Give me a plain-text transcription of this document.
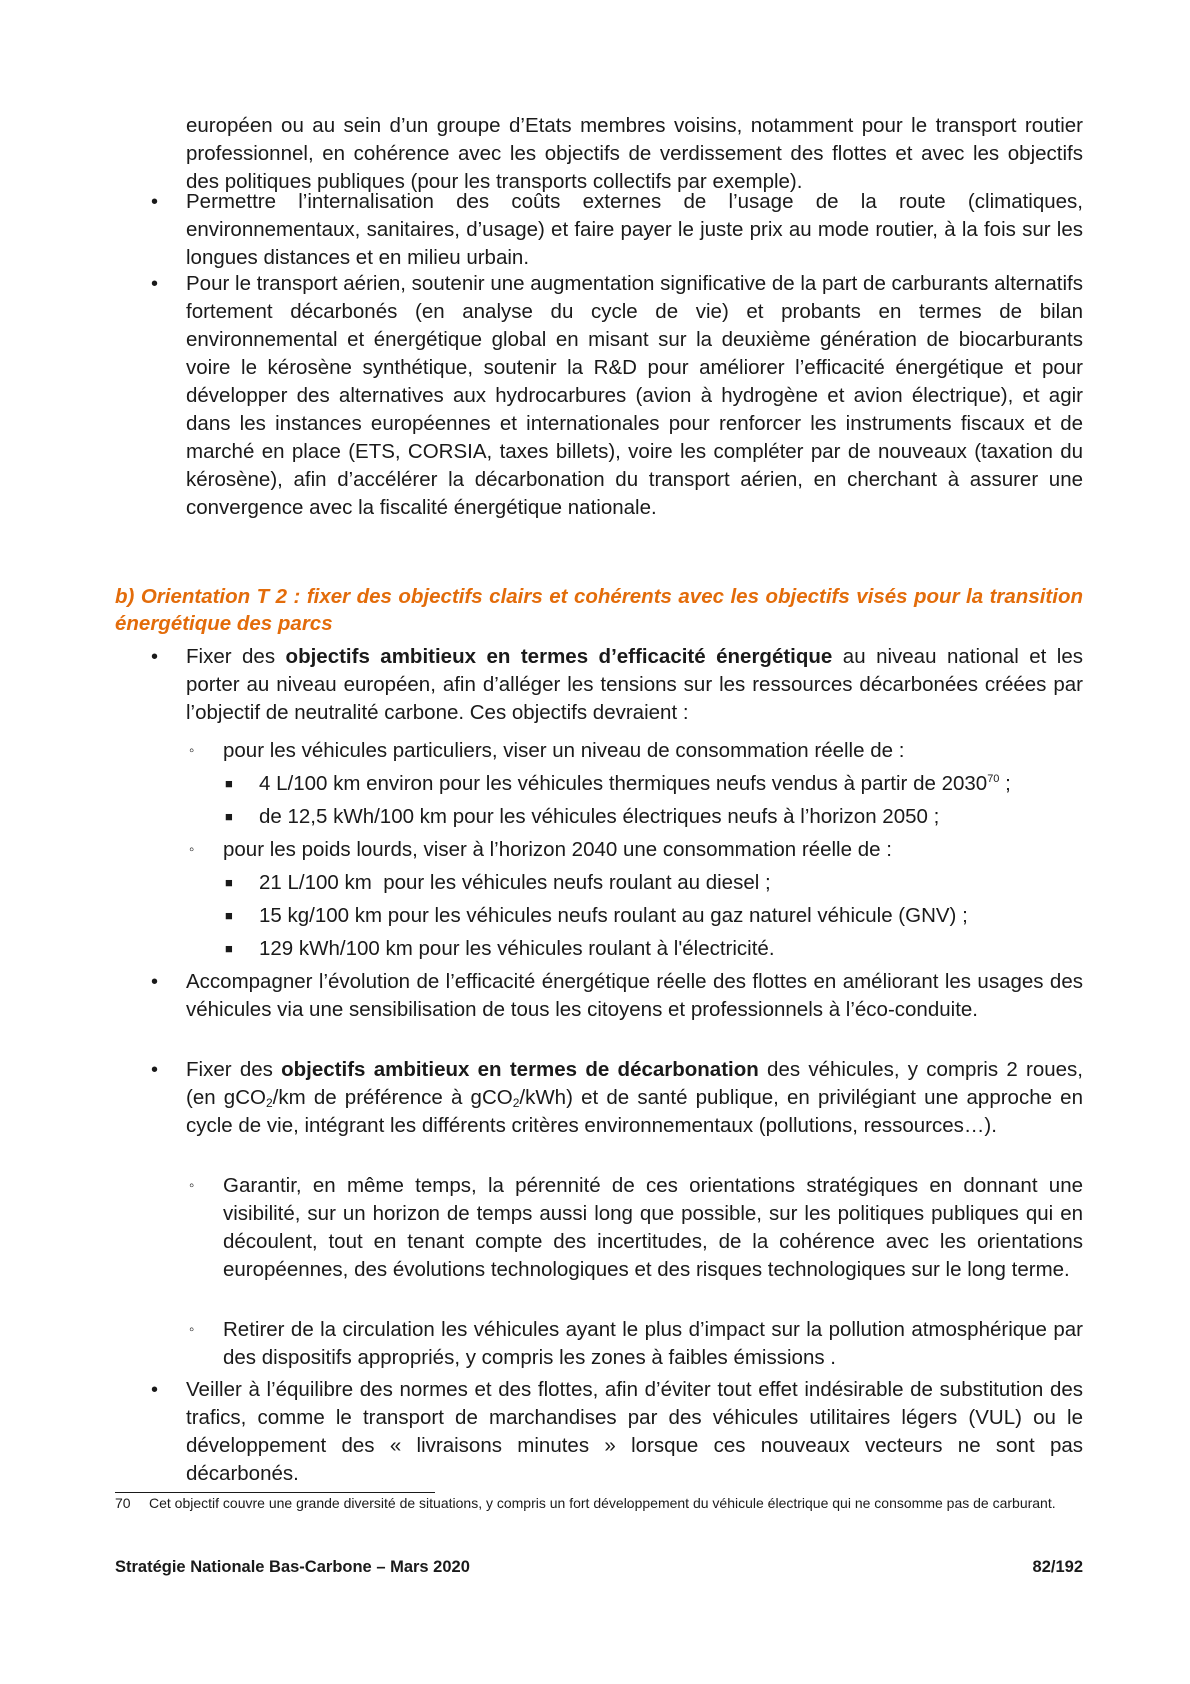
européen ou au sein d’un groupe d’Etats membres voisins, notamment pour le transport routier professionnel, en cohérence avec les objectifs de verdissement des flottes et avec les objectifs des politiques publiques (pour les transports collectifs par exemple).

• Permettre l’internalisation des coûts externes de l’usage de la route (climatiques, environnementaux, sanitaires, d’usage) et faire payer le juste prix au mode routier, à la fois sur les longues distances et en milieu urbain.

• Pour le transport aérien, soutenir une augmentation significative de la part de carburants alternatifs fortement décarbonés (en analyse du cycle de vie) et probants en termes de bilan environnemental et énergétique global en misant sur la deuxième génération de biocarburants voire le kérosène synthétique, soutenir la R&D pour améliorer l’efficacité énergétique et pour développer des alternatives aux hydrocarbures (avion à hydrogène et avion électrique), et agir dans les instances européennes et internationales pour renforcer les instruments fiscaux et de marché en place (ETS, CORSIA, taxes billets), voire les compléter par de nouveaux (taxation du kérosène), afin d’accélérer la décarbonation du transport aérien, en cherchant à assurer une convergence avec la fiscalité énergétique nationale.

b) Orientation T 2 : fixer des objectifs clairs et cohérents avec les objectifs visés pour la transition énergétique des parcs

• Fixer des objectifs ambitieux en termes d’efficacité énergétique au niveau national et les porter au niveau européen, afin d’alléger les tensions sur les ressources décarbonées créées par l’objectif de neutralité carbone. Ces objectifs devraient :

◦ pour les véhicules particuliers, viser un niveau de consommation réelle de :

■ 4 L/100 km environ pour les véhicules thermiques neufs vendus à partir de 2030$^{70}$ ;

■ de 12,5 kWh/100 km pour les véhicules électriques neufs à l’horizon 2050 ;

◦ pour les poids lourds, viser à l’horizon 2040 une consommation réelle de :

■ 21 L/100 km  pour les véhicules neufs roulant au diesel ;

■ 15 kg/100 km pour les véhicules neufs roulant au gaz naturel véhicule (GNV) ;

■ 129 kWh/100 km pour les véhicules roulant à l'électricité.

• Accompagner l’évolution de l’efficacité énergétique réelle des flottes en améliorant les usages des véhicules via une sensibilisation de tous les citoyens et professionnels à l’éco-conduite.

• Fixer des objectifs ambitieux en termes de décarbonation des véhicules, y compris 2 roues, (en gCO$_2$/km de préférence à gCO$_2$/kWh) et de santé publique, en privilégiant une approche en cycle de vie, intégrant les différents critères environnementaux (pollutions, ressources…).

◦ Garantir, en même temps, la pérennité de ces orientations stratégiques en donnant une visibilité, sur un horizon de temps aussi long que possible, sur les politiques publiques qui en découlent, tout en tenant compte des incertitudes, de la cohérence avec les orientations européennes, des évolutions technologiques et des risques technologiques sur le long terme.

◦ Retirer de la circulation les véhicules ayant le plus d’impact sur la pollution atmosphérique par des dispositifs appropriés, y compris les zones à faibles émissions .

• Veiller à l’équilibre des normes et des flottes, afin d’éviter tout effet indésirable de substitution des trafics, comme le transport de marchandises par des véhicules utilitaires légers (VUL) ou le développement des « livraisons minutes » lorsque ces nouveaux vecteurs ne sont pas décarbonés.

70 Cet objectif couvre une grande diversité de situations, y compris un fort développement du véhicule électrique qui ne consomme pas de carburant.

Stratégie Nationale Bas-Carbone – Mars 2020	82/192
